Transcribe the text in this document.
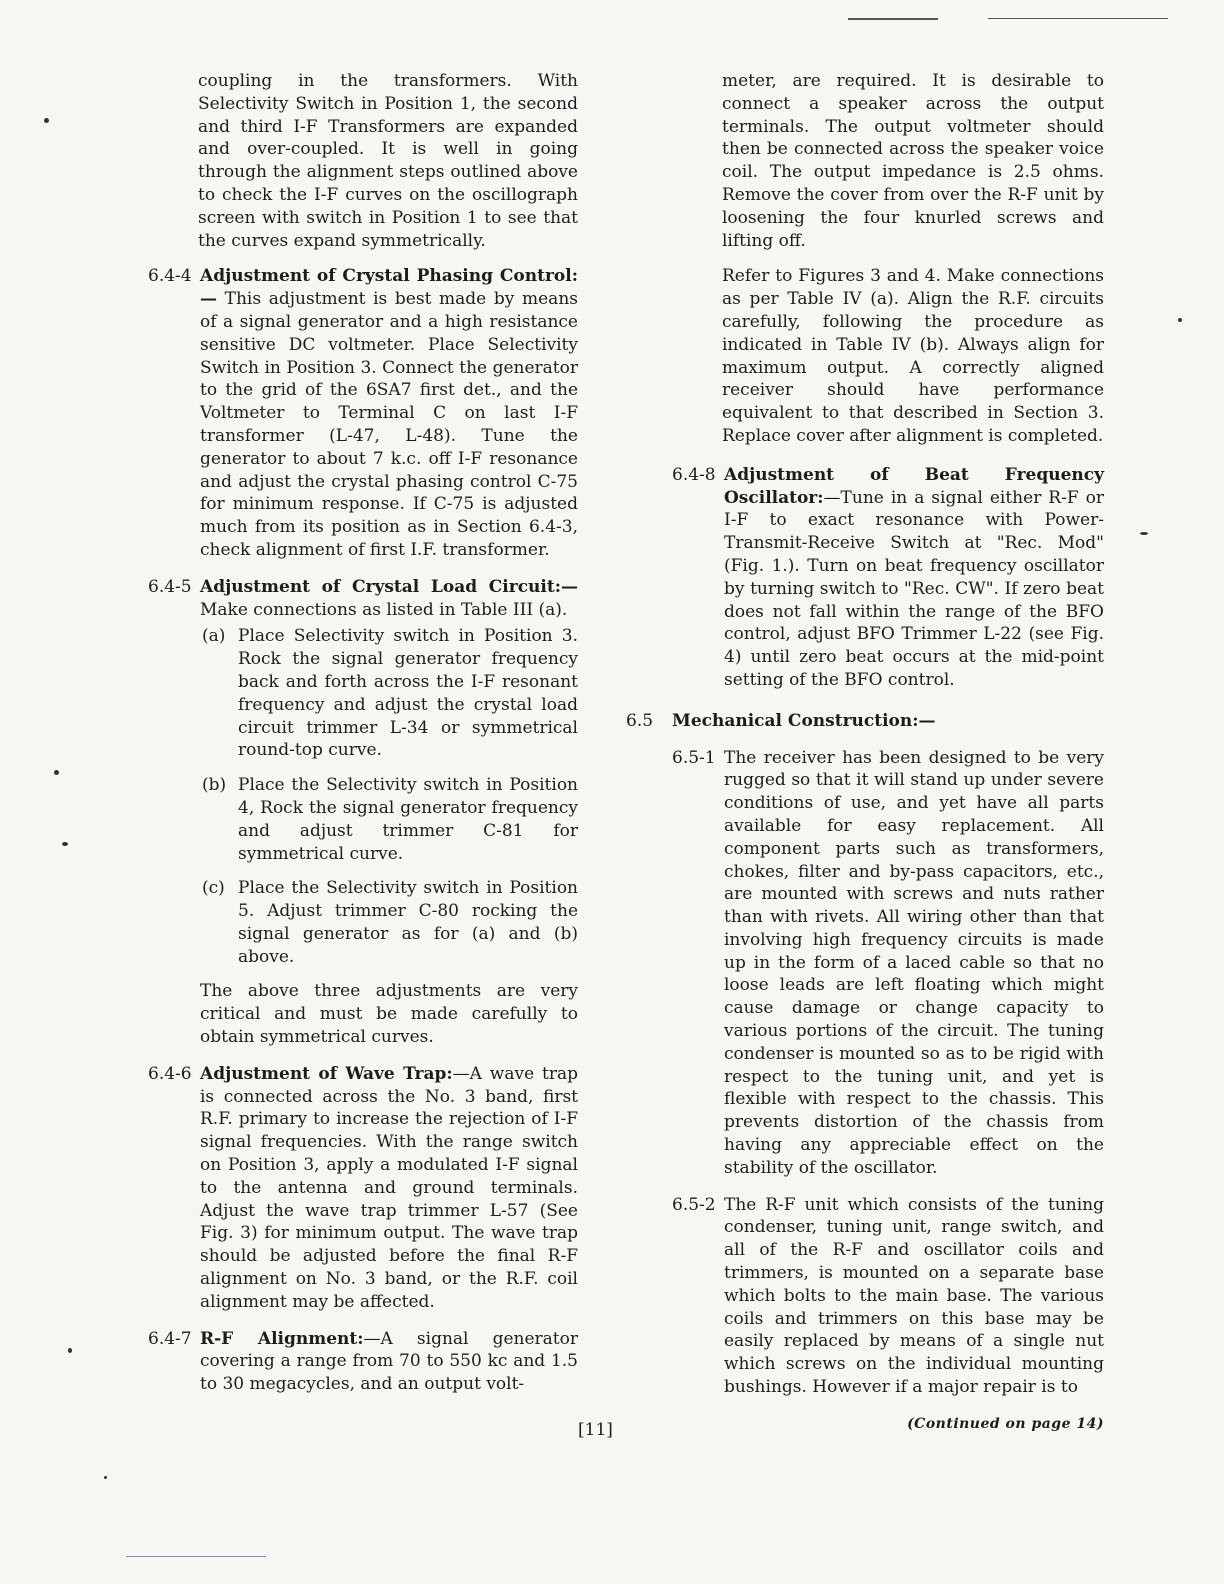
coupling in the transformers. With Selectivity Switch in Position 1, the second and third I-F Transformers are expanded and over-coupled. It is well in going through the alignment steps outlined above to check the I-F curves on the oscillograph screen with switch in Position 1 to see that the curves expand symmetrically.

6.4-4 Adjustment of Crystal Phasing Control:— This adjustment is best made by means of a signal generator and a high resistance sensitive DC voltmeter. Place Selectivity Switch in Position 3. Connect the generator to the grid of the 6SA7 first det., and the Voltmeter to Terminal C on last I-F transformer (L-47, L-48). Tune the generator to about 7 k.c. off I-F resonance and adjust the crystal phasing control C-75 for minimum response. If C-75 is adjusted much from its position as in Section 6.4-3, check alignment of first I.F. transformer.

6.4-5 Adjustment of Crystal Load Circuit:— Make connections as listed in Table III (a).

(a) Place Selectivity switch in Position 3. Rock the signal generator frequency back and forth across the I-F resonant frequency and adjust the crystal load circuit trimmer L-34 or symmetrical round-top curve.

(b) Place the Selectivity switch in Position 4, Rock the signal generator frequency and adjust trimmer C-81 for symmetrical curve.

(c) Place the Selectivity switch in Position 5. Adjust trimmer C-80 rocking the signal generator as for (a) and (b) above.

The above three adjustments are very critical and must be made carefully to obtain symmetrical curves.

6.4-6 Adjustment of Wave Trap:—A wave trap is connected across the No. 3 band, first R.F. primary to increase the rejection of I-F signal frequencies. With the range switch on Position 3, apply a modulated I-F signal to the antenna and ground terminals. Adjust the wave trap trimmer L-57 (See Fig. 3) for minimum output. The wave trap should be adjusted before the final R-F alignment on No. 3 band, or the R.F. coil alignment may be affected.

6.4-7 R-F Alignment:—A signal generator covering a range from 70 to 550 kc and 1.5 to 30 megacycles, and an output volt-

meter, are required. It is desirable to connect a speaker across the output terminals. The output voltmeter should then be connected across the speaker voice coil. The output impedance is 2.5 ohms. Remove the cover from over the R-F unit by loosening the four knurled screws and lifting off.

Refer to Figures 3 and 4. Make connections as per Table IV (a). Align the R.F. circuits carefully, following the procedure as indicated in Table IV (b). Always align for maximum output. A correctly aligned receiver should have performance equivalent to that described in Section 3. Replace cover after alignment is completed.

6.4-8 Adjustment of Beat Frequency Oscillator:—Tune in a signal either R-F or I-F to exact resonance with Power-Transmit-Receive Switch at "Rec. Mod" (Fig. 1.). Turn on beat frequency oscillator by turning switch to "Rec. CW". If zero beat does not fall within the range of the BFO control, adjust BFO Trimmer L-22 (see Fig. 4) until zero beat occurs at the mid-point setting of the BFO control.

6.5 Mechanical Construction:—

6.5-1 The receiver has been designed to be very rugged so that it will stand up under severe conditions of use, and yet have all parts available for easy replacement. All component parts such as transformers, chokes, filter and by-pass capacitors, etc., are mounted with screws and nuts rather than with rivets. All wiring other than that involving high frequency circuits is made up in the form of a laced cable so that no loose leads are left floating which might cause damage or change capacity to various portions of the circuit. The tuning condenser is mounted so as to be rigid with respect to the tuning unit, and yet is flexible with respect to the chassis. This prevents distortion of the chassis from having any appreciable effect on the stability of the oscillator.

6.5-2 The R-F unit which consists of the tuning condenser, tuning unit, range switch, and all of the R-F and oscillator coils and trimmers, is mounted on a separate base which bolts to the main base. The various coils and trimmers on this base may be easily replaced by means of a single nut which screws on the individual mounting bushings. However if a major repair is to

(Continued on page 14)

[11]
